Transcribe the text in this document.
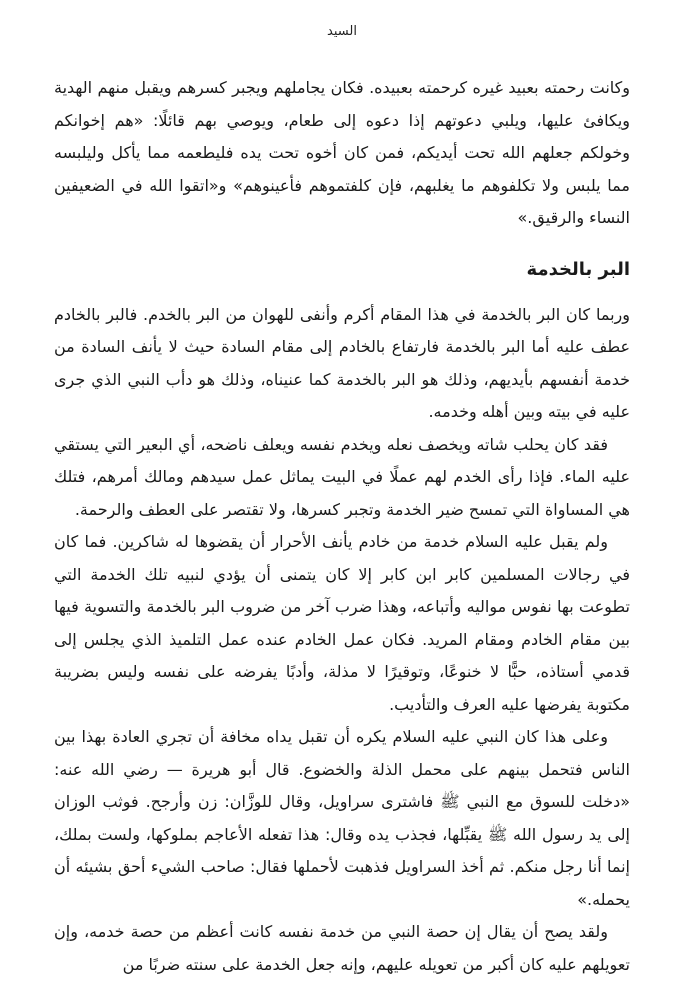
السيد

وكانت رحمته بعبيد غيره كرحمته بعبيده. فكان يجاملهم ويجبر كسرهم ويقبل منهم الهدية ويكافئ عليها، ويلبي دعوتهم إذا دعوه إلى طعام، ويوصي بهم قائلًا: «هم إخوانكم وخولكم جعلهم الله تحت أيديكم، فمن كان أخوه تحت يده فليطعمه مما يأكل وليلبسه مما يلبس ولا تكلفوهم ما يغلبهم، فإن كلفتموهم فأعينوهم» و«اتقوا الله في الضعيفين النساء والرقيق.»

البر بالخدمة

وربما كان البر بالخدمة في هذا المقام أكرم وأنفى للهوان من البر بالخدم. فالبر بالخادم عطف عليه أما البر بالخدمة فارتفاع بالخادم إلى مقام السادة حيث لا يأنف السادة من خدمة أنفسهم بأيديهم، وذلك هو البر بالخدمة كما عنيناه، وذلك هو دأب النبي الذي جرى عليه في بيته وبين أهله وخدمه.

فقد كان يحلب شاته ويخصف نعله ويخدم نفسه ويعلف ناضحه، أي البعير التي يستقي عليه الماء. فإذا رأى الخدم لهم عملًا في البيت يماثل عمل سيدهم ومالك أمرهم، فتلك هي المساواة التي تمسح ضير الخدمة وتجبر كسرها، ولا تقتصر على العطف والرحمة.

ولم يقبل عليه السلام خدمة من خادم يأنف الأحرار أن يقضوها له شاكرين. فما كان في رجالات المسلمين كابر ابن كابر إلا كان يتمنى أن يؤدي لنبيه تلك الخدمة التي تطوعت بها نفوس مواليه وأتباعه، وهذا ضرب آخر من ضروب البر بالخدمة والتسوية فيها بين مقام الخادم ومقام المريد. فكان عمل الخادم عنده عمل التلميذ الذي يجلس إلى قدمي أستاذه، حبًّا لا خنوعًا، وتوقيرًا لا مذلة، وأدبًا يفرضه على نفسه وليس بضريبة مكتوبة يفرضها عليه العرف والتأديب.

وعلى هذا كان النبي عليه السلام يكره أن تقبل يداه مخافة أن تجري العادة بهذا بين الناس فتحمل بينهم على محمل الذلة والخضوع. قال أبو هريرة — رضي الله عنه: «دخلت للسوق مع النبي ﷺ فاشترى سراويل، وقال للوزَّان: زن وأرجح. فوثب الوزان إلى يد رسول الله ﷺ يقبِّلها، فجذب يده وقال: هذا تفعله الأعاجم بملوكها، ولست بملك، إنما أنا رجل منكم. ثم أخذ السراويل فذهبت لأحملها فقال: صاحب الشيء أحق بشيئه أن يحمله.»

ولقد يصح أن يقال إن حصة النبي من خدمة نفسه كانت أعظم من حصة خدمه، وإن تعويلهم عليه كان أكبر من تعويله عليهم، وإنه جعل الخدمة على سنته ضربًا من
